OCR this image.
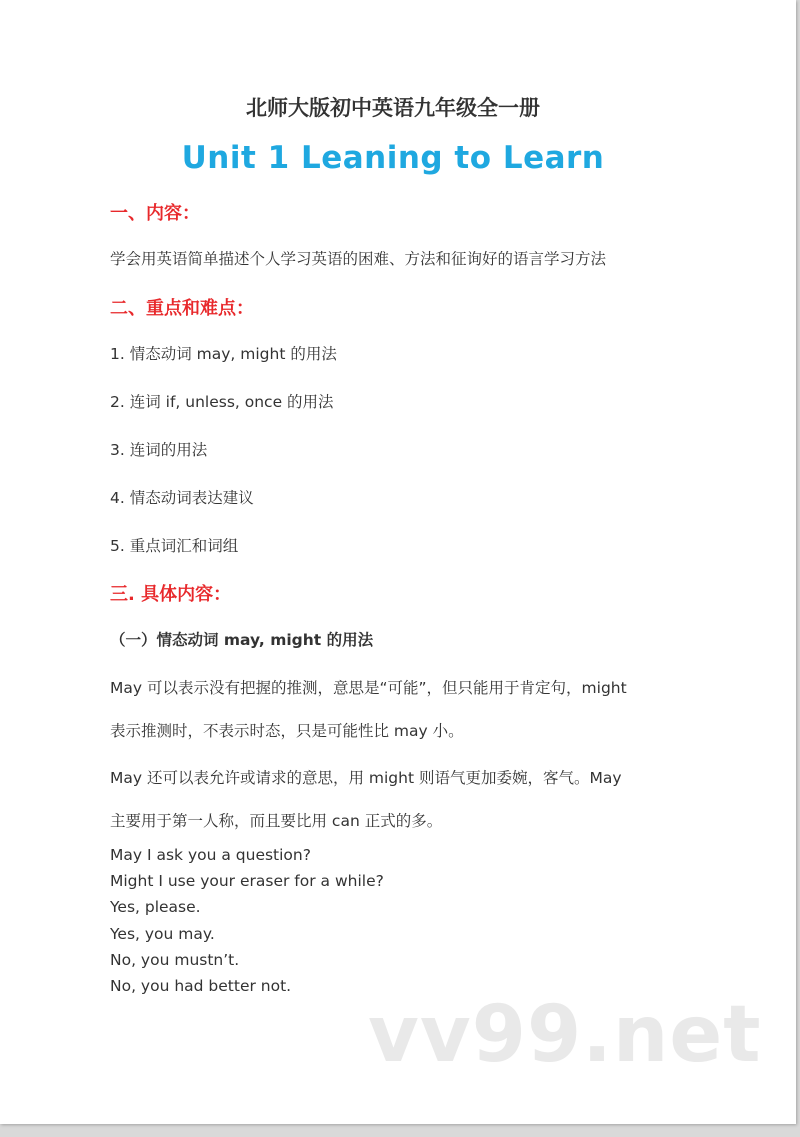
北师大版初中英语九年级全一册
Unit 1 Leaning to Learn
一、内容：

学会用英语简单描述个人学习英语的困难、方法和征询好的语言学习方法

二、重点和难点：

1. 情态动词 may, might 的用法

2. 连词 if, unless, once 的用法

3. 连词的用法

4. 情态动词表达建议

5. 重点词汇和词组

三. 具体内容：
（一）情态动词 may, might 的用法

May 可以表示没有把握的推测，意思是“可能”，但只能用于肯定句，might

表示推测时，不表示时态，只是可能性比 may 小。

May 还可以表允许或请求的意思，用 might 则语气更加委婉，客气。May

主要用于第一人称，而且要比用 can 正式的多。

May I ask you a question?

Might I use your eraser for a while?

Yes, please.

Yes, you may.

No, you mustn’t.

No, you had better not.

vv99.net
